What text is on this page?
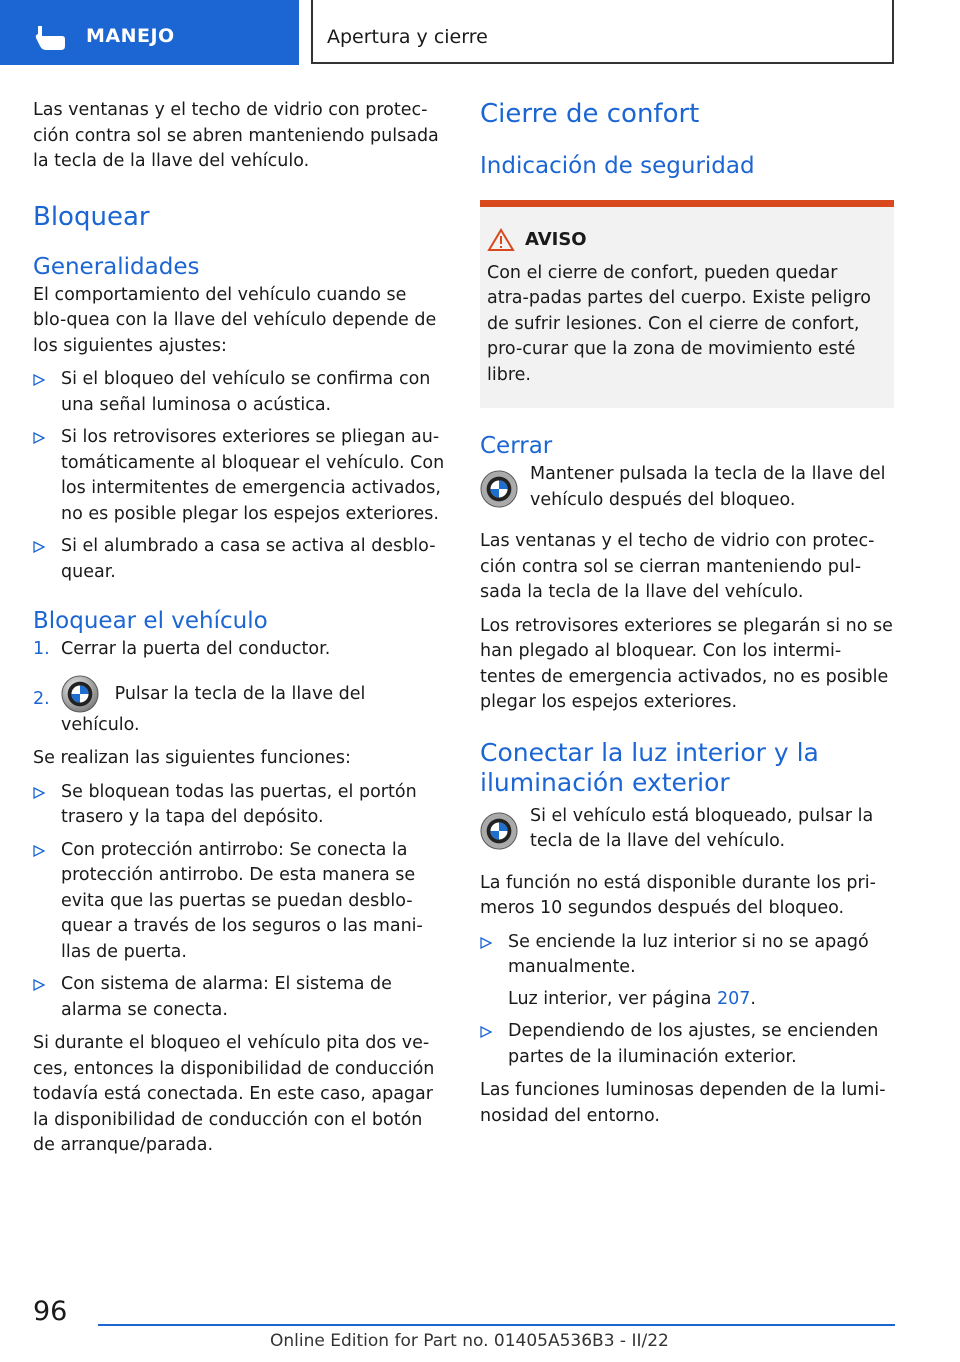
MANEJO	Apertura y cierre

Las ventanas y el techo de vidrio con protec-ción contra sol se abren manteniendo pulsada la tecla de la llave del vehículo.

Bloquear
Generalidades

El comportamiento del vehículo cuando se blo-quea con la llave del vehículo depende de los siguientes ajustes:

Si el bloqueo del vehículo se confirma con una señal luminosa o acústica.
Si los retrovisores exteriores se pliegan au-tomáticamente al bloquear el vehículo. Con los intermitentes de emergencia activados, no es posible plegar los espejos exteriores.
Si el alumbrado a casa se activa al desblo-quear.
Bloquear el vehículo
1. Cerrar la puerta del conductor.
2.	Pulsar la tecla de la llave del vehículo.

Se realizan las siguientes funciones:

Se bloquean todas las puertas, el portón trasero y la tapa del depósito.
Con protección antirrobo: Se conecta la protección antirrobo. De esta manera se evita que las puertas se puedan desblo-quear a través de los seguros o las mani-llas de puerta.
Con sistema de alarma: El sistema de alarma se conecta.

Si durante el bloqueo el vehículo pita dos ve-ces, entonces la disponibilidad de conducción todavía está conectada. En este caso, apagar la disponibilidad de conducción con el botón de arranque/parada.

Cierre de confort
Indicación de seguridad
AVISO

Con el cierre de confort, pueden quedar atra-padas partes del cuerpo. Existe peligro de sufrir lesiones. Con el cierre de confort, pro-curar que la zona de movimiento esté libre.

Cerrar
Mantener pulsada la tecla de la llave del vehículo después del bloqueo.

Las ventanas y el techo de vidrio con protec-ción contra sol se cierran manteniendo pul-sada la tecla de la llave del vehículo.

Los retrovisores exteriores se plegarán si no se han plegado al bloquear. Con los intermi-tentes de emergencia activados, no es posible plegar los espejos exteriores.

Conectar la luz interior y la iluminación exterior
Si el vehículo está bloqueado, pulsar la tecla de la llave del vehículo.

La función no está disponible durante los pri-meros 10 segundos después del bloqueo.

Se enciende la luz interior si no se apagó manualmente.
Luz interior, ver página 207.
Dependiendo de los ajustes, se encienden partes de la iluminación exterior.

Las funciones luminosas dependen de la lumi-nosidad del entorno.

96
Online Edition for Part no. 01405A536B3 - II/22
